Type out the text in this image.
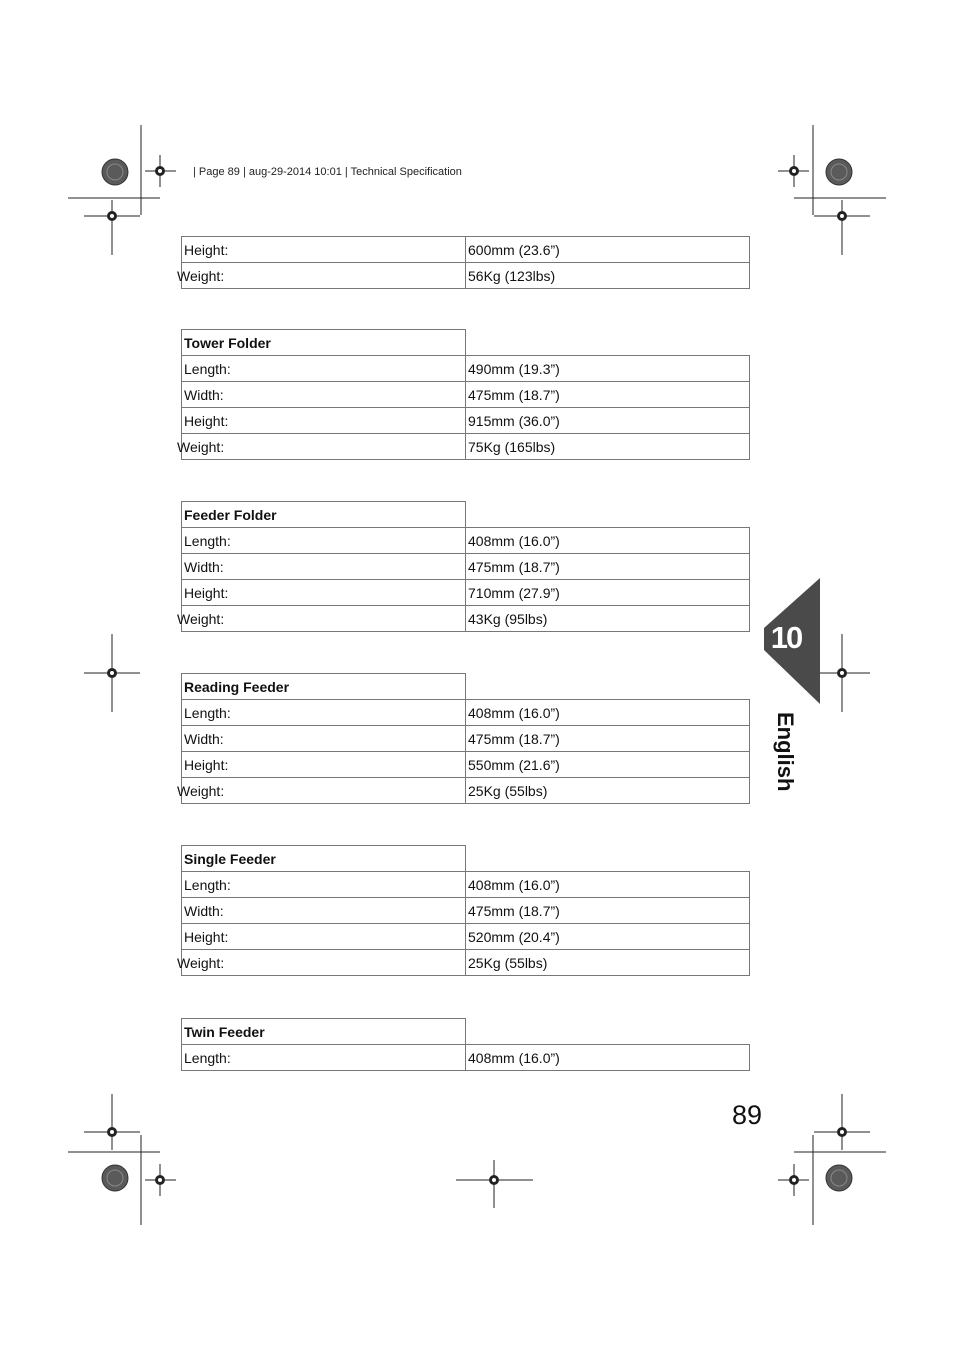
| Page 89 | aug-29-2014 10:01 | Technical Specification
Height:	600mm (23.6”)
Weight:	56Kg (123lbs)
Tower Folder	
Length:	490mm (19.3”)
Width:	475mm (18.7”)
Height:	915mm (36.0”)
Weight:	75Kg (165lbs)
Feeder Folder	
Length:	408mm (16.0”)
Width:	475mm (18.7”)
Height:	710mm (27.9”)
Weight:	43Kg (95lbs)
Reading Feeder	
Length:	408mm (16.0”)
Width:	475mm (18.7”)
Height:	550mm (21.6”)
Weight:	25Kg (55lbs)
Single Feeder	
Length:	408mm (16.0”)
Width:	475mm (18.7”)
Height:	520mm (20.4”)
Weight:	25Kg (55lbs)
Twin Feeder	
Length:	408mm (16.0”)
10
English
89
